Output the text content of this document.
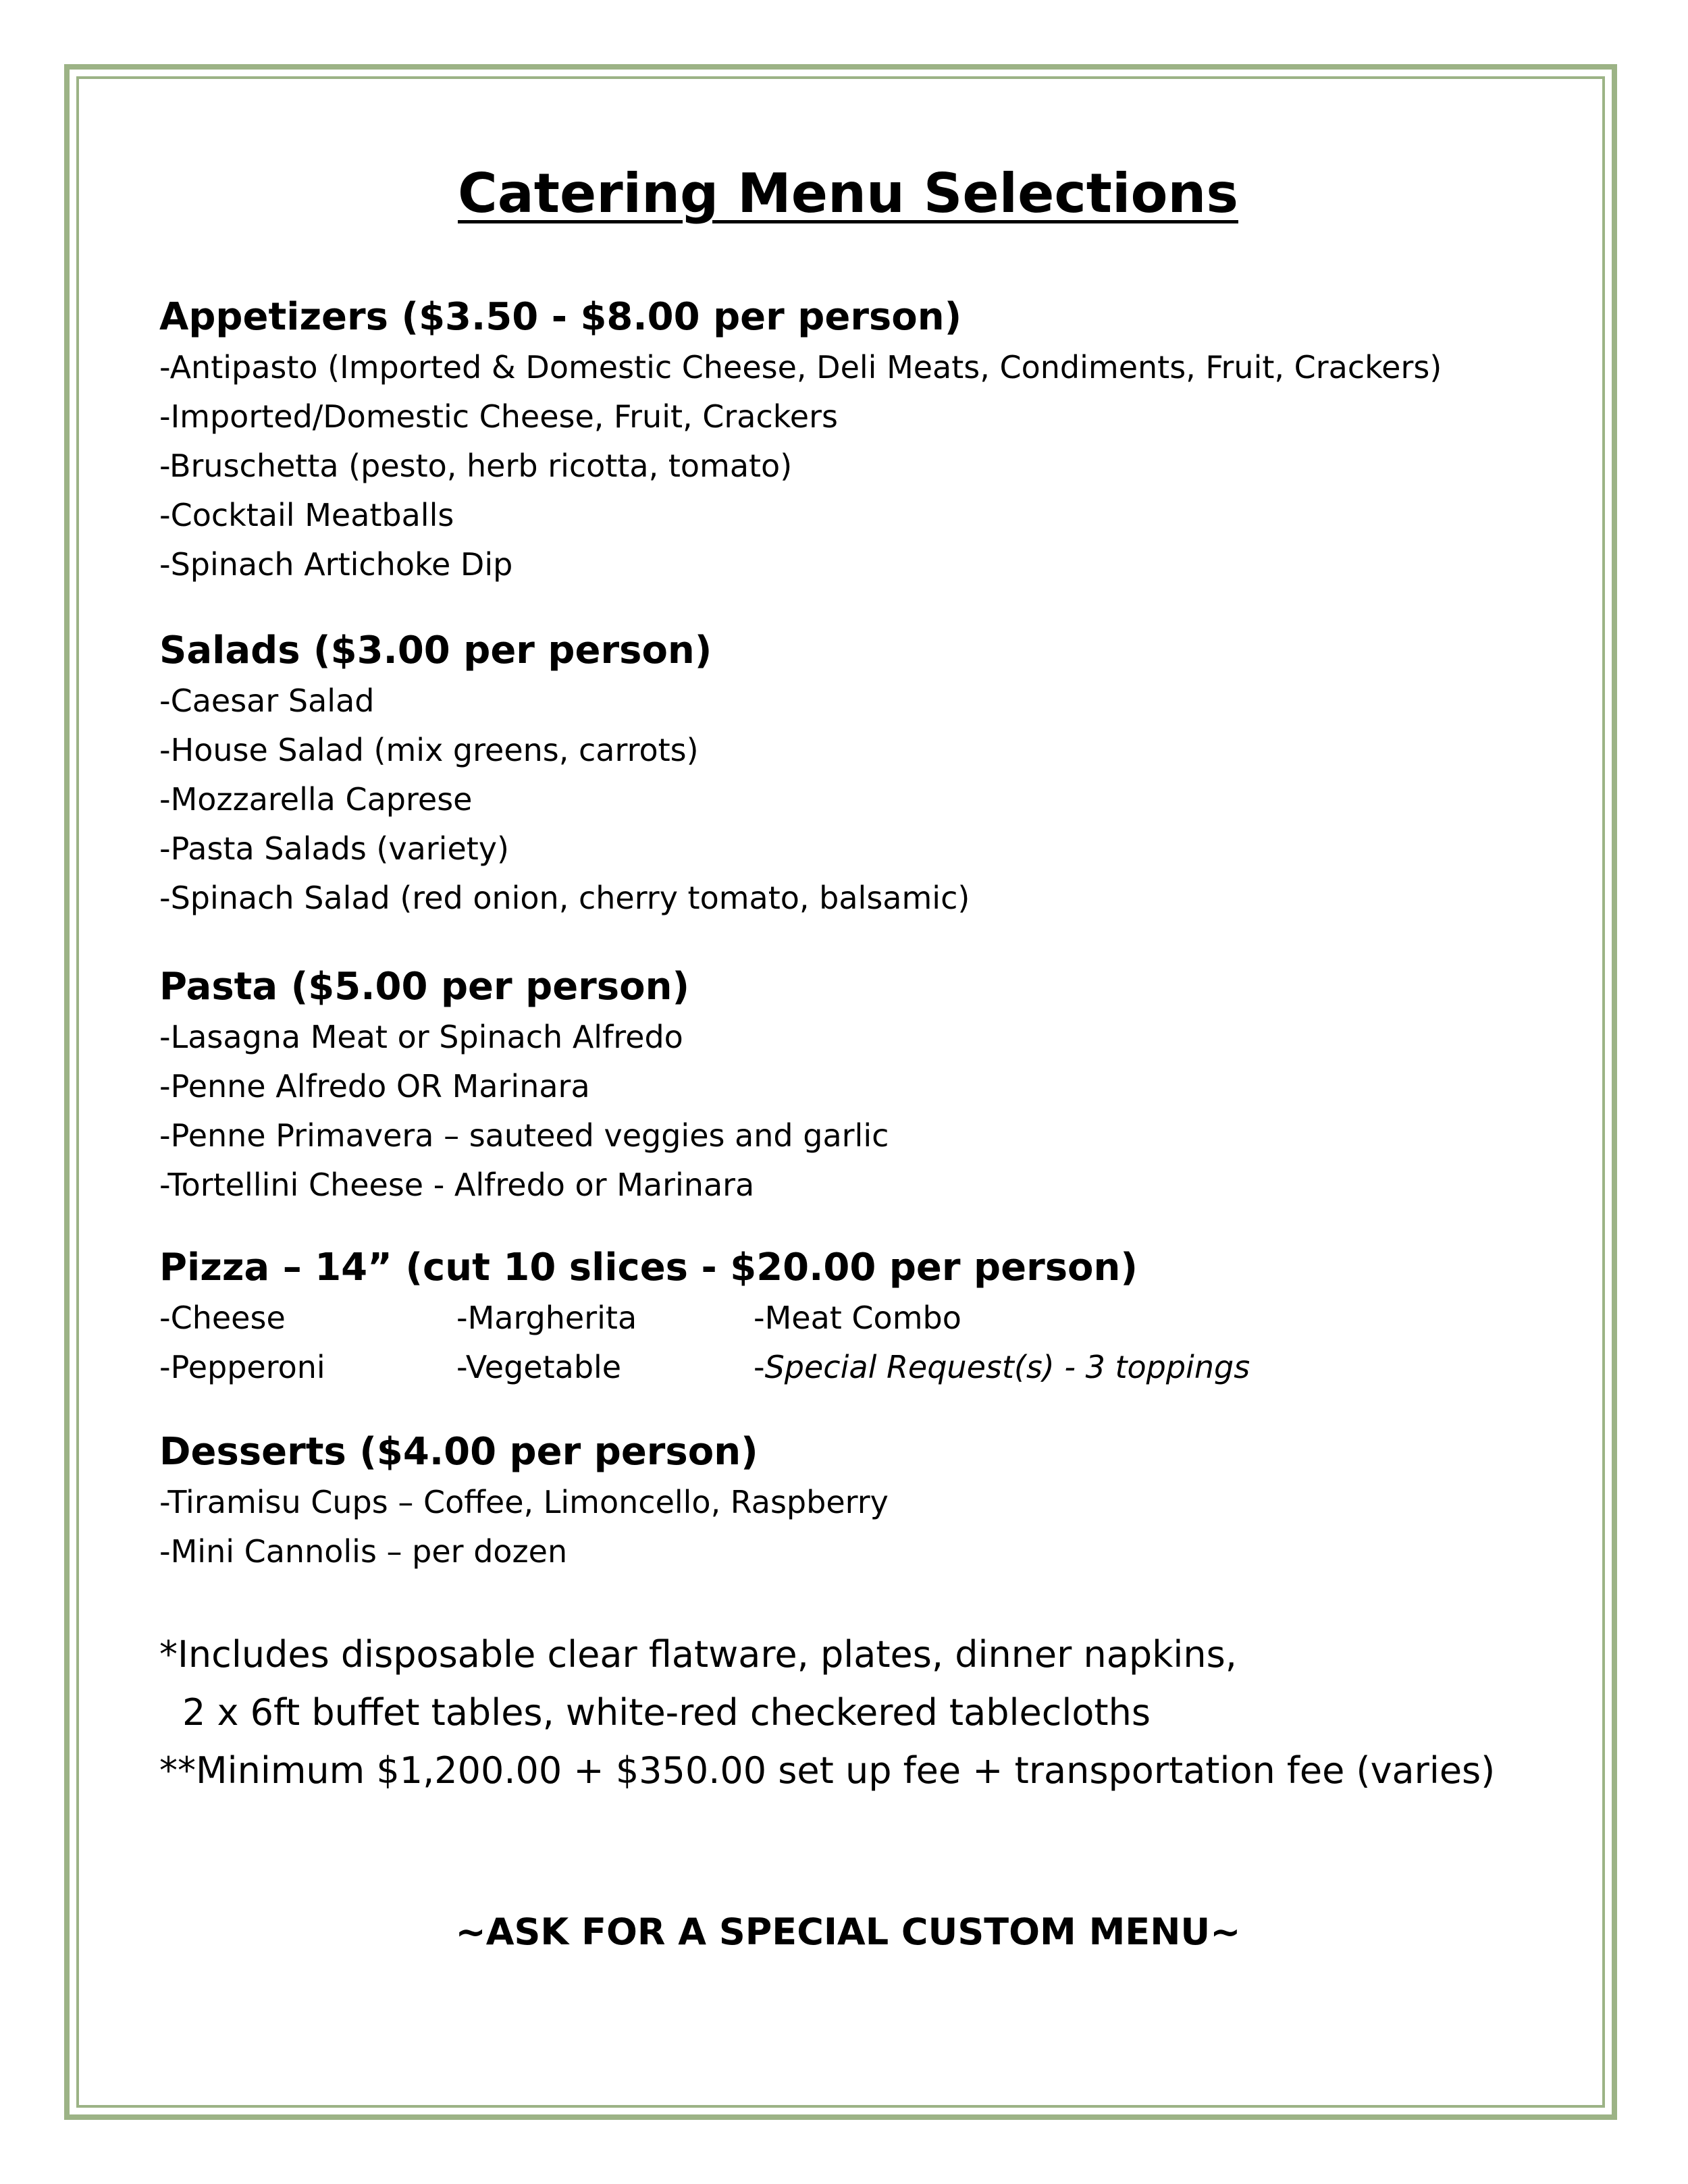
Catering Menu Selections
Appetizers ($3.50 - $8.00 per person)
-Antipasto (Imported & Domestic Cheese, Deli Meats, Condiments, Fruit, Crackers)
-Imported/Domestic Cheese, Fruit, Crackers
-Bruschetta (pesto, herb ricotta, tomato)
-Cocktail Meatballs
-Spinach Artichoke Dip
Salads ($3.00 per person)
-Caesar Salad
-House Salad (mix greens, carrots)
-Mozzarella Caprese
-Pasta Salads (variety)
-Spinach Salad (red onion, cherry tomato, balsamic)
Pasta ($5.00 per person)
-Lasagna Meat or Spinach Alfredo
-Penne Alfredo OR Marinara
-Penne Primavera – sauteed veggies and garlic
-Tortellini Cheese - Alfredo or Marinara
Pizza – 14” (cut 10 slices - $20.00 per person)
-Cheese	-Margherita	-Meat Combo
-Pepperoni	-Vegetable	-Special Request(s) - 3 toppings
Desserts ($4.00 per person)
-Tiramisu Cups – Coffee, Limoncello, Raspberry
-Mini Cannolis – per dozen
*Includes disposable clear flatware, plates, dinner napkins,
2 x 6ft buffet tables, white-red checkered tablecloths
**Minimum $1,200.00 + $350.00 set up fee + transportation fee (varies)
~ASK FOR A SPECIAL CUSTOM MENU~
